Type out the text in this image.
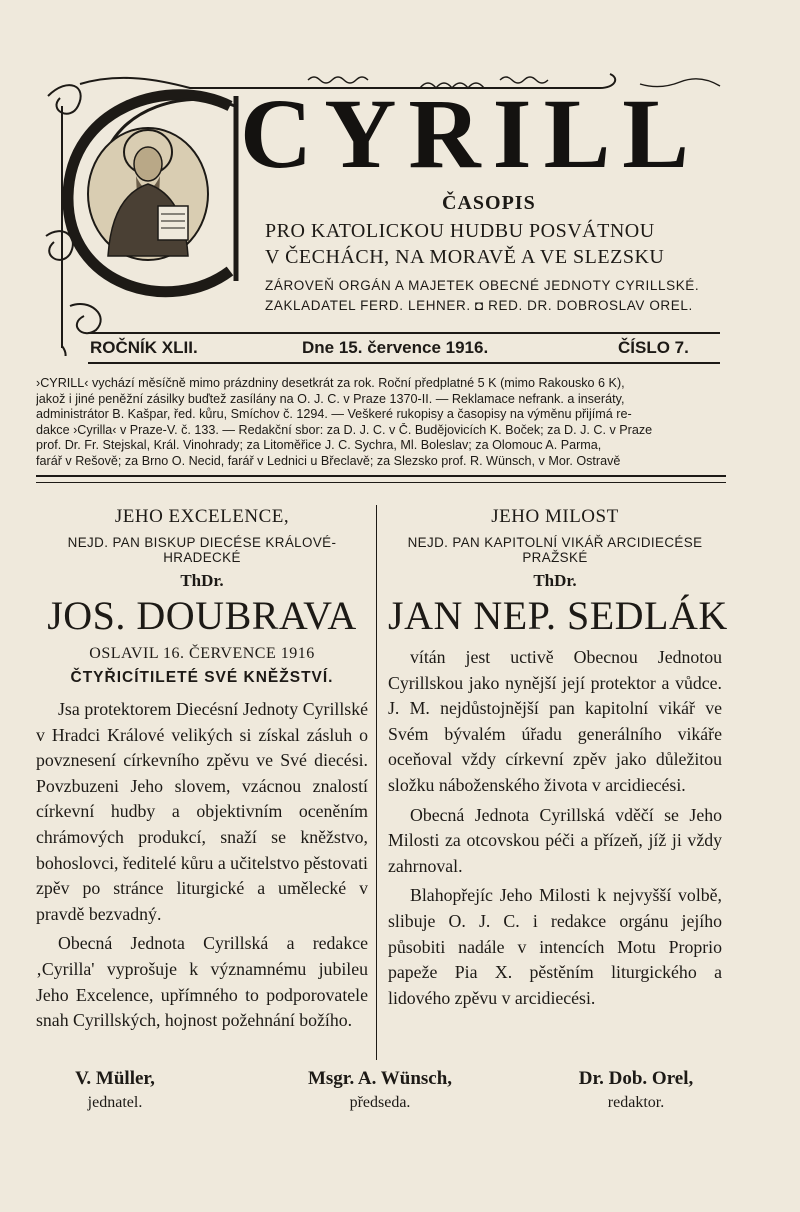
CYRILL
ČASOPIS
PRO KATOLICKOU HUDBU POSVÁTNOU
V ČECHÁCH, NA MORAVĚ A VE SLEZSKU
ZÁROVEŇ ORGÁN A MAJETEK OBECNÉ JEDNOTY CYRILLSKÉ.
ZAKLADATEL FERD. LEHNER. ◘ RED. DR. DOBROSLAV OREL.
ROČNÍK XLII.	Dne 15. července 1916.	ČÍSLO 7.
›CYRILL‹ vychází měsíčně mimo prázdniny desetkrát za rok. Roční předplatné 5 K (mimo Rakousko 6 K),
jakož i jiné peněžní zásilky buďtež zasílány na O. J. C. v Praze 1370-II. — Reklamace nefrank. a inseráty,
administrátor B. Kašpar, řed. kůru, Smíchov č. 1294. — Veškeré rukopisy a časopisy na výměnu přijímá re-
dakce ›Cyrilla‹ v Praze-V. č. 133. — Redakční sbor: za D. J. C. v Č. Budějovicích K. Boček; za D. J. C. v Praze
prof. Dr. Fr. Stejskal, Král. Vinohrady; za Litoměřice J. C. Sychra, Ml. Boleslav; za Olomouc A. Parma,
farář v Rešově; za Brno O. Necid, farář v Lednici u Břeclavě; za Slezsko prof. R. Wünsch, v Mor. Ostravě
JEHO EXCELENCE,
NEJD. PAN BISKUP DIECÉSE KRÁLOVÉ-HRADECKÉ
ThDr.
JOS. DOUBRAVA
OSLAVIL 16. ČERVENCE 1916
ČTYŘICÍTILETÉ SVÉ KNĚŽSTVÍ.

Jsa protektorem Diecésní Jednoty Cyrillské v Hradci Králové velikých si získal zásluh o povznesení církevního zpěvu ve Své diecési. Povzbuzeni Jeho slovem, vzácnou znalostí církevní hudby a objektivním oceněním chrámových produkcí, snaží se kněžstvo, bohoslovci, ředitelé kůru a učitelstvo pěstovati zpěv po stránce liturgické a umělecké v pravdě bezvadný.

Obecná Jednota Cyrillská a redakce ‚Cyrilla' vyprošuje k významnému jubileu Jeho Excelence, upřímného to podporovatele snah Cyrillských, hojnost požehnání božího.

JEHO MILOST
NEJD. PAN KAPITOLNÍ VIKÁŘ ARCIDIECÉSE PRAŽSKÉ
ThDr.
JAN NEP. SEDLÁK

vítán jest uctivě Obecnou Jednotou Cyrillskou jako nynější její protektor a vůdce. J. M. nejdůstojnější pan kapitolní vikář ve Svém bývalém úřadu generálního vikáře oceňoval vždy církevní zpěv jako důležitou složku náboženského života v arcidiecési.

Obecná Jednota Cyrillská vděčí se Jeho Milosti za otcovskou péči a přízeň, jíž ji vždy zahrnoval.

Blahopřejíc Jeho Milosti k nejvyšší volbě, slibuje O. J. C. i redakce orgánu jejího působiti nadále v intencích Motu Proprio papeže Pia X. pěstěním liturgického a lidového zpěvu v arcidiecési.

V. Müller,
jednatel.
Msgr. A. Wünsch,
předseda.
Dr. Dob. Orel,
redaktor.
